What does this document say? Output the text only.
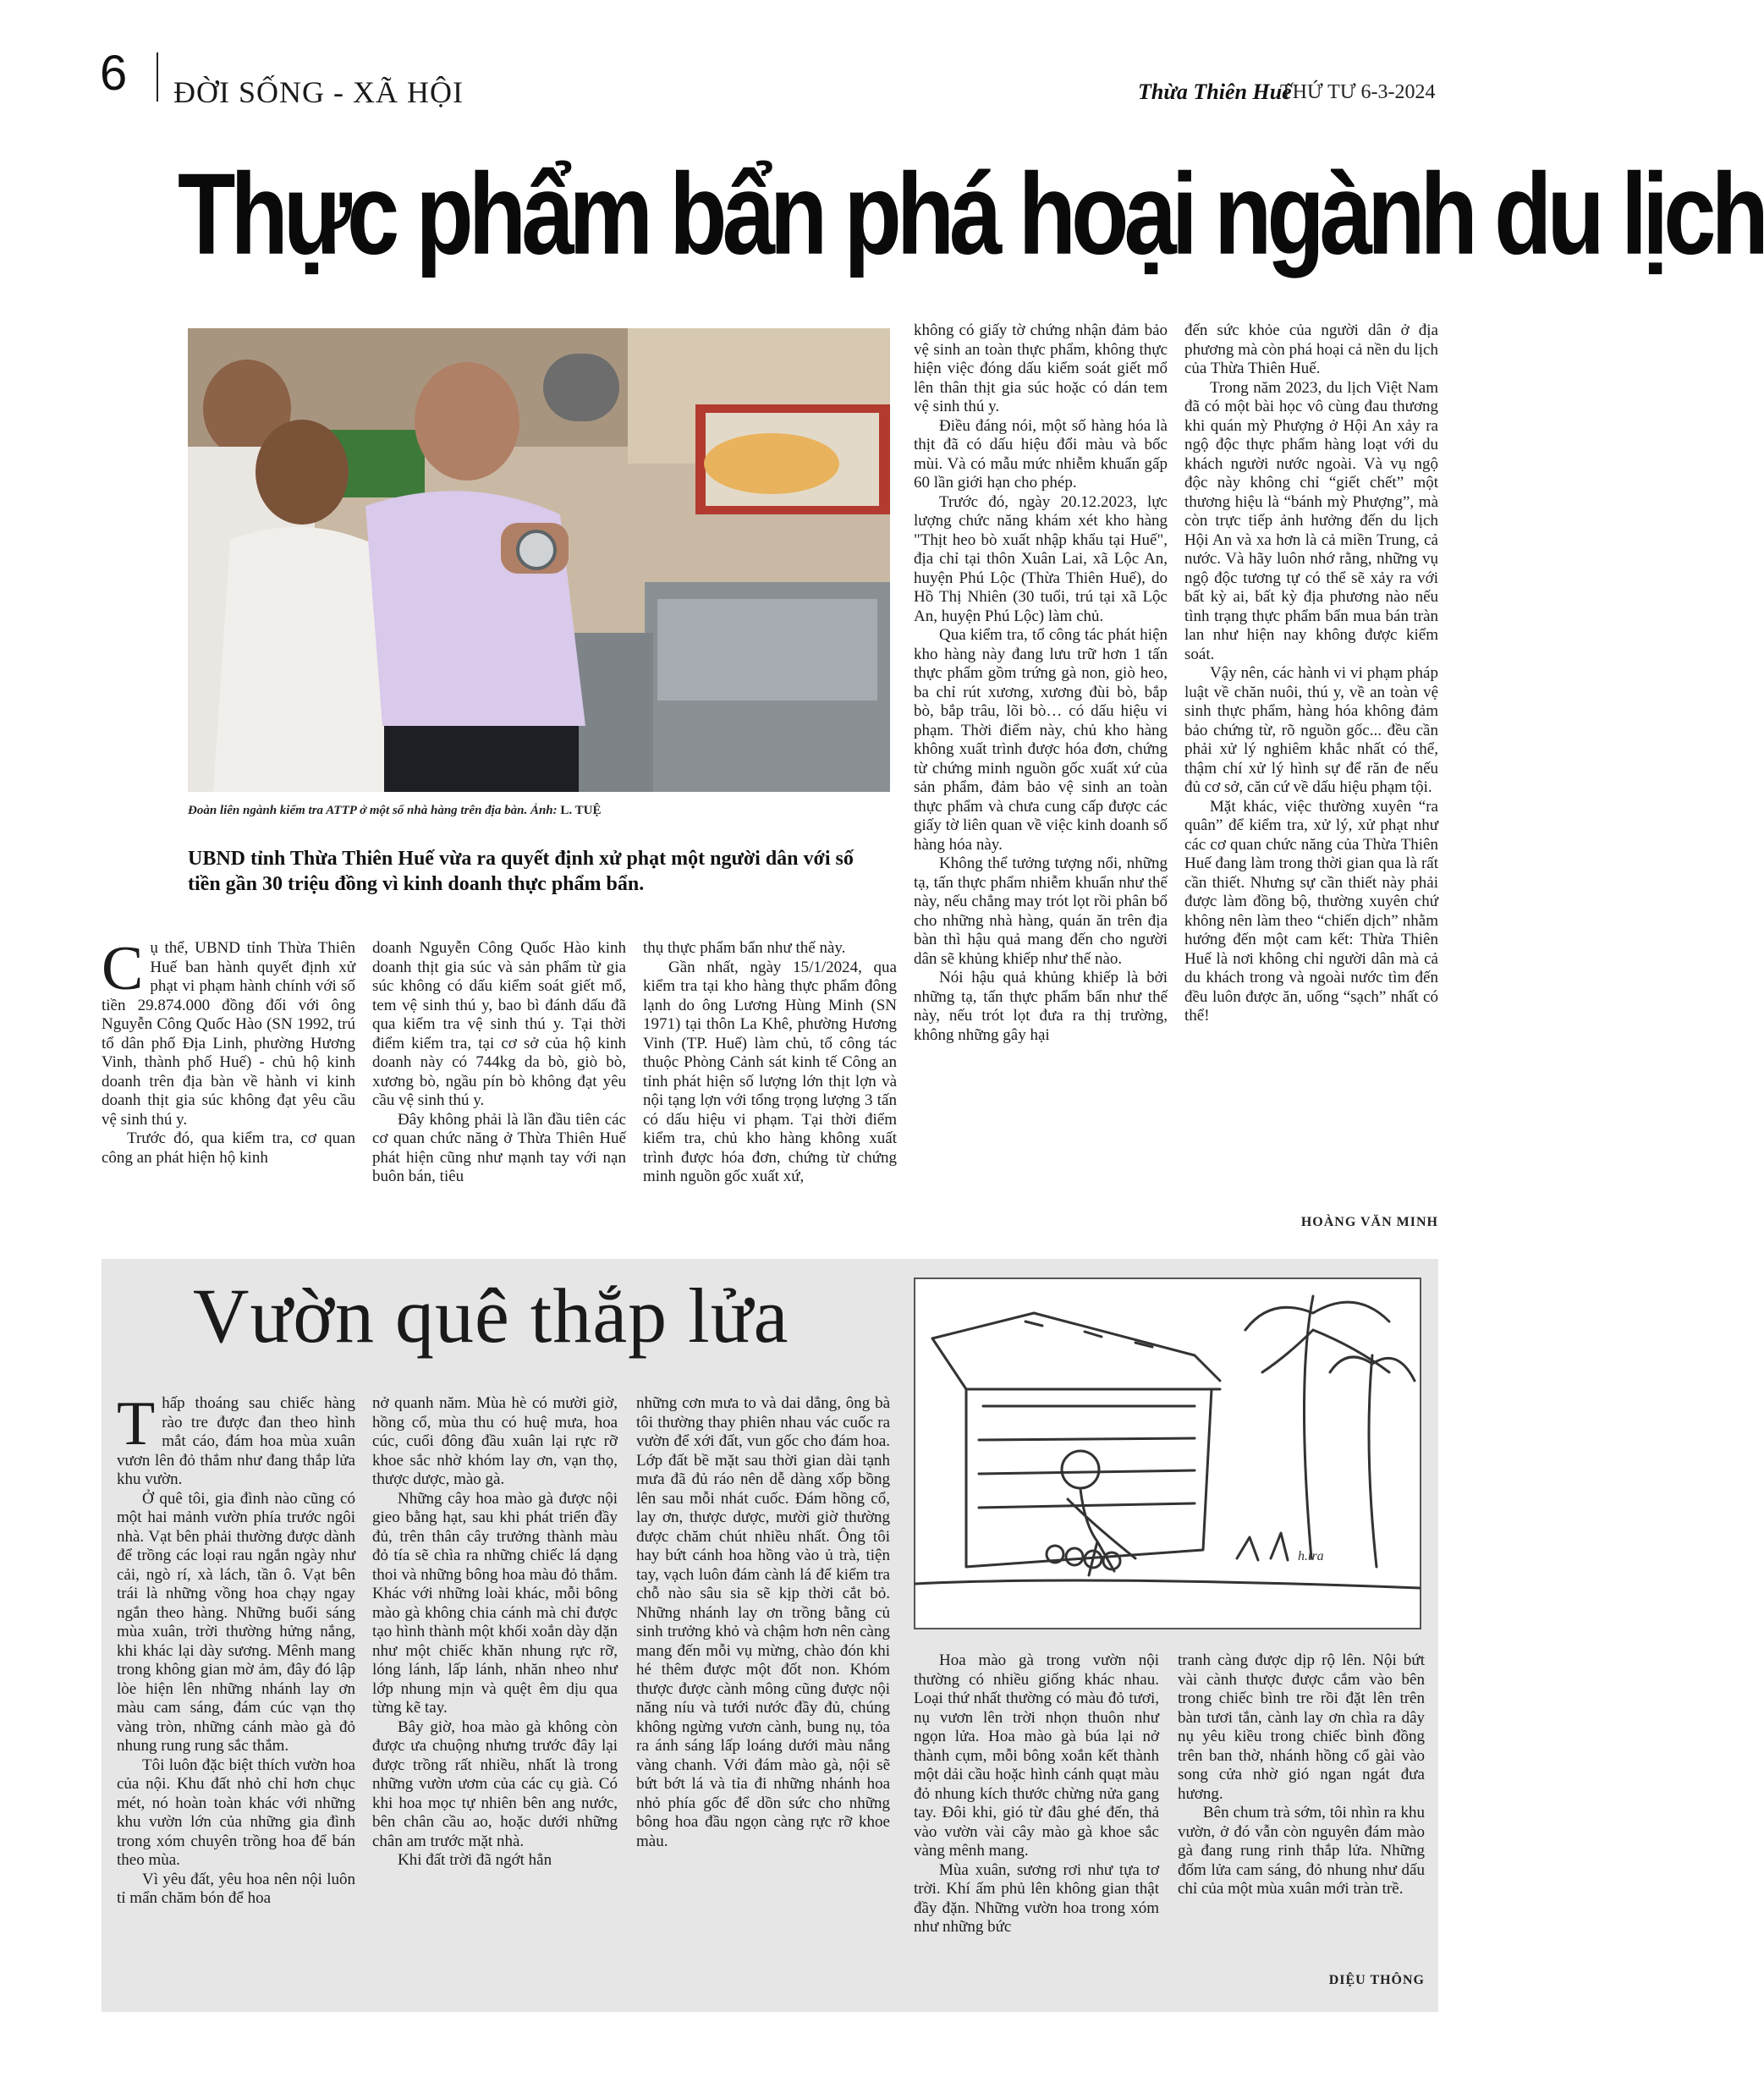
6 ĐỜI SỐNG - XÃ HỘI	Thừa Thiên Huế
THỨ TƯ 6-3-2024
Thực phẩm bẩn phá hoại ngành du lịch
Đoàn liên ngành kiểm tra ATTP ở một số nhà hàng trên địa bàn. Ảnh: L. TUỆ
UBND tỉnh Thừa Thiên Huế vừa ra quyết định xử phạt một người dân với số tiền gần 30 triệu đồng vì kinh doanh thực phẩm bẩn.
C ụ thể, UBND tỉnh Thừa Thiên Huế ban hành quyết định xử phạt vi phạm hành chính với số tiền 29.874.000 đồng đối với ông Nguyễn Công Quốc Hào (SN 1992, trú tổ dân phố Địa Linh, phường Hương Vinh, thành phố Huế) - chủ hộ kinh doanh trên địa bàn về hành vi kinh doanh thịt gia súc không đạt yêu cầu vệ sinh thú y.

Trước đó, qua kiểm tra, cơ quan công an phát hiện hộ kinh

doanh Nguyễn Công Quốc Hào kinh doanh thịt gia súc và sản phẩm từ gia súc không có dấu kiểm soát giết mổ, tem vệ sinh thú y, bao bì đánh dấu đã qua kiểm tra vệ sinh thú y. Tại thời điểm kiểm tra, tại cơ sở của hộ kinh doanh này có 744kg da bò, giò bò, xương bò, ngầu pín bò không đạt yêu cầu vệ sinh thú y.

Đây không phải là lần đầu tiên các cơ quan chức năng ở Thừa Thiên Huế phát hiện cũng như mạnh tay với nạn buôn bán, tiêu

thụ thực phẩm bẩn như thế này.

Gần nhất, ngày 15/1/2024, qua kiểm tra tại kho hàng thực phẩm đông lạnh do ông Lương Hùng Minh (SN 1971) tại thôn La Khê, phường Hương Vinh (TP. Huế) làm chủ, tổ công tác thuộc Phòng Cảnh sát kinh tế Công an tỉnh phát hiện số lượng lớn thịt lợn và nội tạng lợn với tổng trọng lượng 3 tấn có dấu hiệu vi phạm. Tại thời điểm kiểm tra, chủ kho hàng không xuất trình được hóa đơn, chứng từ chứng minh nguồn gốc xuất xứ,

không có giấy tờ chứng nhận đảm bảo vệ sinh an toàn thực phẩm, không thực hiện việc đóng dấu kiểm soát giết mổ lên thân thịt gia súc hoặc có dán tem vệ sinh thú y.

Điều đáng nói, một số hàng hóa là thịt đã có dấu hiệu đổi màu và bốc mùi. Và có mẫu mức nhiễm khuẩn gấp 60 lần giới hạn cho phép.

Trước đó, ngày 20.12.2023, lực lượng chức năng khám xét kho hàng "Thịt heo bò xuất nhập khẩu tại Huế", địa chỉ tại thôn Xuân Lai, xã Lộc An, huyện Phú Lộc (Thừa Thiên Huế), do Hồ Thị Nhiên (30 tuổi, trú tại xã Lộc An, huyện Phú Lộc) làm chủ.

Qua kiểm tra, tổ công tác phát hiện kho hàng này đang lưu trữ hơn 1 tấn thực phẩm gồm trứng gà non, giò heo, ba chỉ rút xương, xương đùi bò, bắp bò, bắp trâu, lõi bò… có dấu hiệu vi phạm. Thời điểm này, chủ kho hàng không xuất trình được hóa đơn, chứng từ chứng minh nguồn gốc xuất xứ của sản phẩm, đảm bảo vệ sinh an toàn thực phẩm và chưa cung cấp được các giấy tờ liên quan về việc kinh doanh số hàng hóa này.

Không thể tưởng tượng nổi, những tạ, tấn thực phẩm nhiễm khuẩn như thế này, nếu chẳng may trót lọt rồi phân bổ cho những nhà hàng, quán ăn trên địa bàn thì hậu quả mang đến cho người dân sẽ khủng khiếp như thế nào.

Nói hậu quả khủng khiếp là bởi những tạ, tấn thực phẩm bẩn như thế này, nếu trót lọt đưa ra thị trường, không những gây hại

đến sức khỏe của người dân ở địa phương mà còn phá hoại cả nền du lịch của Thừa Thiên Huế.

Trong năm 2023, du lịch Việt Nam đã có một bài học vô cùng đau thương khi quán mỳ Phượng ở Hội An xảy ra ngộ độc thực phẩm hàng loạt với du khách người nước ngoài. Và vụ ngộ độc này không chỉ “giết chết” một thương hiệu là “bánh mỳ Phượng”, mà còn trực tiếp ảnh hưởng đến du lịch Hội An và xa hơn là cả miền Trung, cả nước. Và hãy luôn nhớ rằng, những vụ ngộ độc tương tự có thể sẽ xảy ra với bất kỳ ai, bất kỳ địa phương nào nếu tình trạng thực phẩm bẩn mua bán tràn lan như hiện nay không được kiểm soát.

Vậy nên, các hành vi vi phạm pháp luật về chăn nuôi, thú y, về an toàn vệ sinh thực phẩm, hàng hóa không đảm bảo chứng từ, rõ nguồn gốc... đều cần phải xử lý nghiêm khắc nhất có thể, thậm chí xử lý hình sự để răn đe nếu đủ cơ sở, căn cứ về dấu hiệu phạm tội.

Mặt khác, việc thường xuyên “ra quân” để kiểm tra, xử lý, xử phạt như các cơ quan chức năng của Thừa Thiên Huế đang làm trong thời gian qua là rất cần thiết. Nhưng sự cần thiết này phải được làm đồng bộ, thường xuyên chứ không nên làm theo “chiến dịch” nhằm hướng đến một cam kết: Thừa Thiên Huế là nơi không chỉ người dân mà cả du khách trong và ngoài nước tìm đến đều luôn được ăn, uống “sạch” nhất có thể!

HOÀNG VĂN MINH
Vườn quê thắp lửa
h.tra
T hấp thoáng sau chiếc hàng rào tre được đan theo hình mắt cáo, đám hoa mùa xuân vươn lên đỏ thắm như đang thắp lửa khu vườn.

Ở quê tôi, gia đình nào cũng có một hai mảnh vườn phía trước ngôi nhà. Vạt bên phải thường được dành để trồng các loại rau ngắn ngày như cải, ngò rí, xà lách, tần ô. Vạt bên trái là những vồng hoa chạy ngay ngắn theo hàng. Những buổi sáng mùa xuân, trời thường hửng nắng, khi khác lại dày sương. Mênh mang trong không gian mờ ảm, đây đó lập lòe hiện lên những nhánh lay ơn màu cam sáng, đám cúc vạn thọ vàng tròn, những cánh mào gà đỏ nhung rung rung sắc thắm.

Tôi luôn đặc biệt thích vườn hoa của nội. Khu đất nhỏ chỉ hơn chục mét, nó hoàn toàn khác với những khu vườn lớn của những gia đình trong xóm chuyên trồng hoa để bán theo mùa.

Vì yêu đất, yêu hoa nên nội luôn tỉ mẩn chăm bón để hoa

nở quanh năm. Mùa hè có mười giờ, hồng cổ, mùa thu có huệ mưa, hoa cúc, cuối đông đầu xuân lại rực rỡ khoe sắc nhờ khóm lay ơn, vạn thọ, thược dược, mào gà.

Những cây hoa mào gà được nội gieo bằng hạt, sau khi phát triển đầy đủ, trên thân cây trưởng thành màu đỏ tía sẽ chìa ra những chiếc lá dạng thoi và những bông hoa màu đỏ thắm. Khác với những loài khác, mỗi bông mào gà không chia cánh mà chỉ được tạo hình thành một khối xoắn dày dặn như một chiếc khăn nhung rực rỡ, lóng lánh, lấp lánh, nhăn nheo như lớp nhung mịn và quệt êm dịu qua từng kẽ tay.

Bây giờ, hoa mào gà không còn được ưa chuộng nhưng trước đây lại được trồng rất nhiều, nhất là trong những vườn ươm của các cụ già. Có khi hoa mọc tự nhiên bên ang nước, bên chân cầu ao, hoặc dưới những chân am trước mặt nhà.

Khi đất trời đã ngớt hẳn

những cơn mưa to và dai dẳng, ông bà tôi thường thay phiên nhau vác cuốc ra vườn để xới đất, vun gốc cho đám hoa. Lớp đất bề mặt sau thời gian dài tạnh mưa đã đủ ráo nên dễ dàng xốp bồng lên sau mỗi nhát cuốc. Đám hồng cổ, lay ơn, thược dược, mười giờ thường được chăm chút nhiều nhất. Ông tôi hay bứt cánh hoa hồng vào ủ trà, tiện tay, vạch luôn đám cành lá để kiểm tra chỗ nào sâu sia sẽ kịp thời cắt bỏ. Những nhánh lay ơn trồng bằng củ sinh trưởng khỏ và chậm hơn nên càng mang đến mỗi vụ mừng, chào đón khi hé thêm được một đốt non. Khóm thược được cành mông cũng được nội năng níu và tưới nước đầy đủ, chúng không ngừng vươn cành, bung nụ, tỏa ra ánh sáng lấp loáng dưới màu nắng vàng chanh. Với đám mào gà, nội sẽ bứt bớt lá và tỉa đi những nhánh hoa nhỏ phía gốc để dồn sức cho những bông hoa đầu ngọn càng rực rỡ khoe màu.

Hoa mào gà trong vườn nội thường có nhiều giống khác nhau. Loại thứ nhất thường có màu đỏ tươi, nụ vươn lên trời nhọn thuôn như ngọn lửa. Hoa mào gà búa lại nở thành cụm, mỗi bông xoắn kết thành một dải cầu hoặc hình cánh quạt màu đỏ nhung kích thước chừng nửa gang tay. Đôi khi, gió từ đâu ghé đến, thả vào vườn vài cây mào gà khoe sắc vàng mênh mang.

Mùa xuân, sương rơi như tựa tơ trời. Khí ấm phủ lên không gian thật đầy đặn. Những vườn hoa trong xóm như những bức

tranh càng được dịp rộ lên. Nội bứt vài cành thược được cắm vào bên trong chiếc bình tre rồi đặt lên trên bàn tươi tắn, cành lay ơn chìa ra dây nụ yêu kiều trong chiếc bình đồng trên ban thờ, nhánh hồng cổ gài vào song cửa nhờ gió ngan ngát đưa hương.

Bên chum trà sớm, tôi nhìn ra khu vườn, ở đó vẫn còn nguyên đám mào gà đang rung rinh thắp lửa. Những đốm lửa cam sáng, đỏ nhung như dấu chỉ của một mùa xuân mới tràn trề.

DIỆU THÔNG
